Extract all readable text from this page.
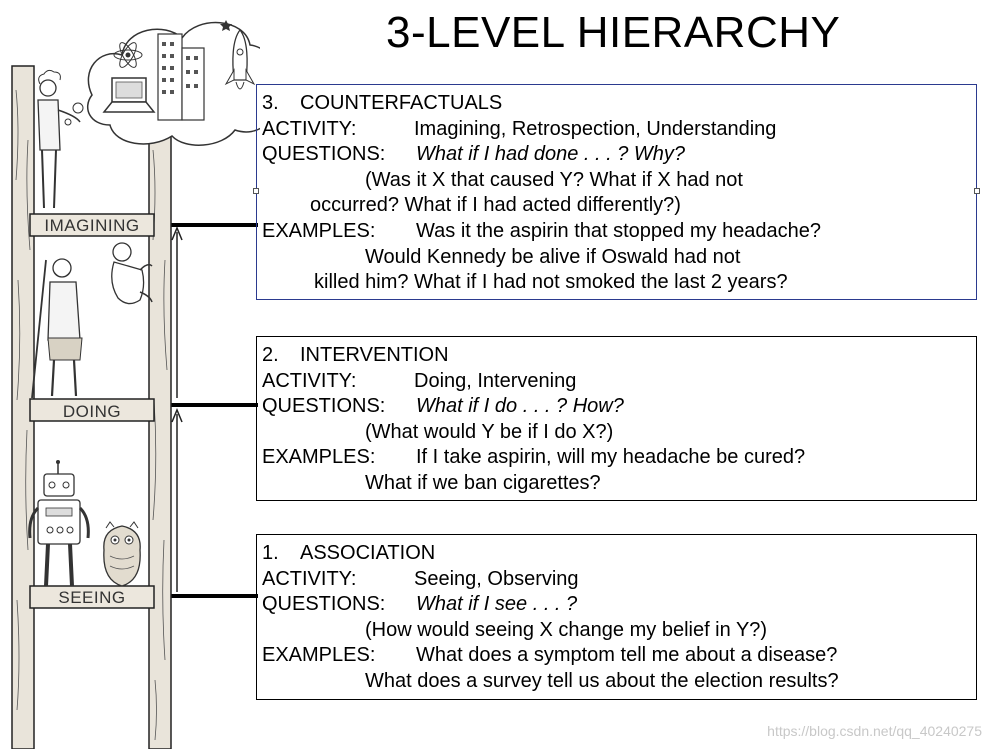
3-LEVEL HIERARCHY
IMAGINING
DOING
SEEING
3. COUNTERFACTUALS
ACTIVITY:	Imagining, Retrospection, Understanding
QUESTIONS: What if I had done . . . ? Why?
(Was it X that caused Y? What if X had not
occurred? What if I had acted differently?)
EXAMPLES: Was it the aspirin that stopped my headache?
Would Kennedy be alive if Oswald had not
killed him? What if I had not smoked the last 2 years?
2. INTERVENTION
ACTIVITY:	Doing, Intervening
QUESTIONS: What if I do . . . ? How?
(What would Y be if I do X?)
EXAMPLES: If I take aspirin, will my headache be cured?
What if we ban cigarettes?
1. ASSOCIATION
ACTIVITY:	Seeing, Observing
QUESTIONS: What if I see . . . ?
(How would seeing X change my belief in Y?)
EXAMPLES: What does a symptom tell me about a disease?
What does a survey tell us about the election results?
https://blog.csdn.net/qq_40240275
